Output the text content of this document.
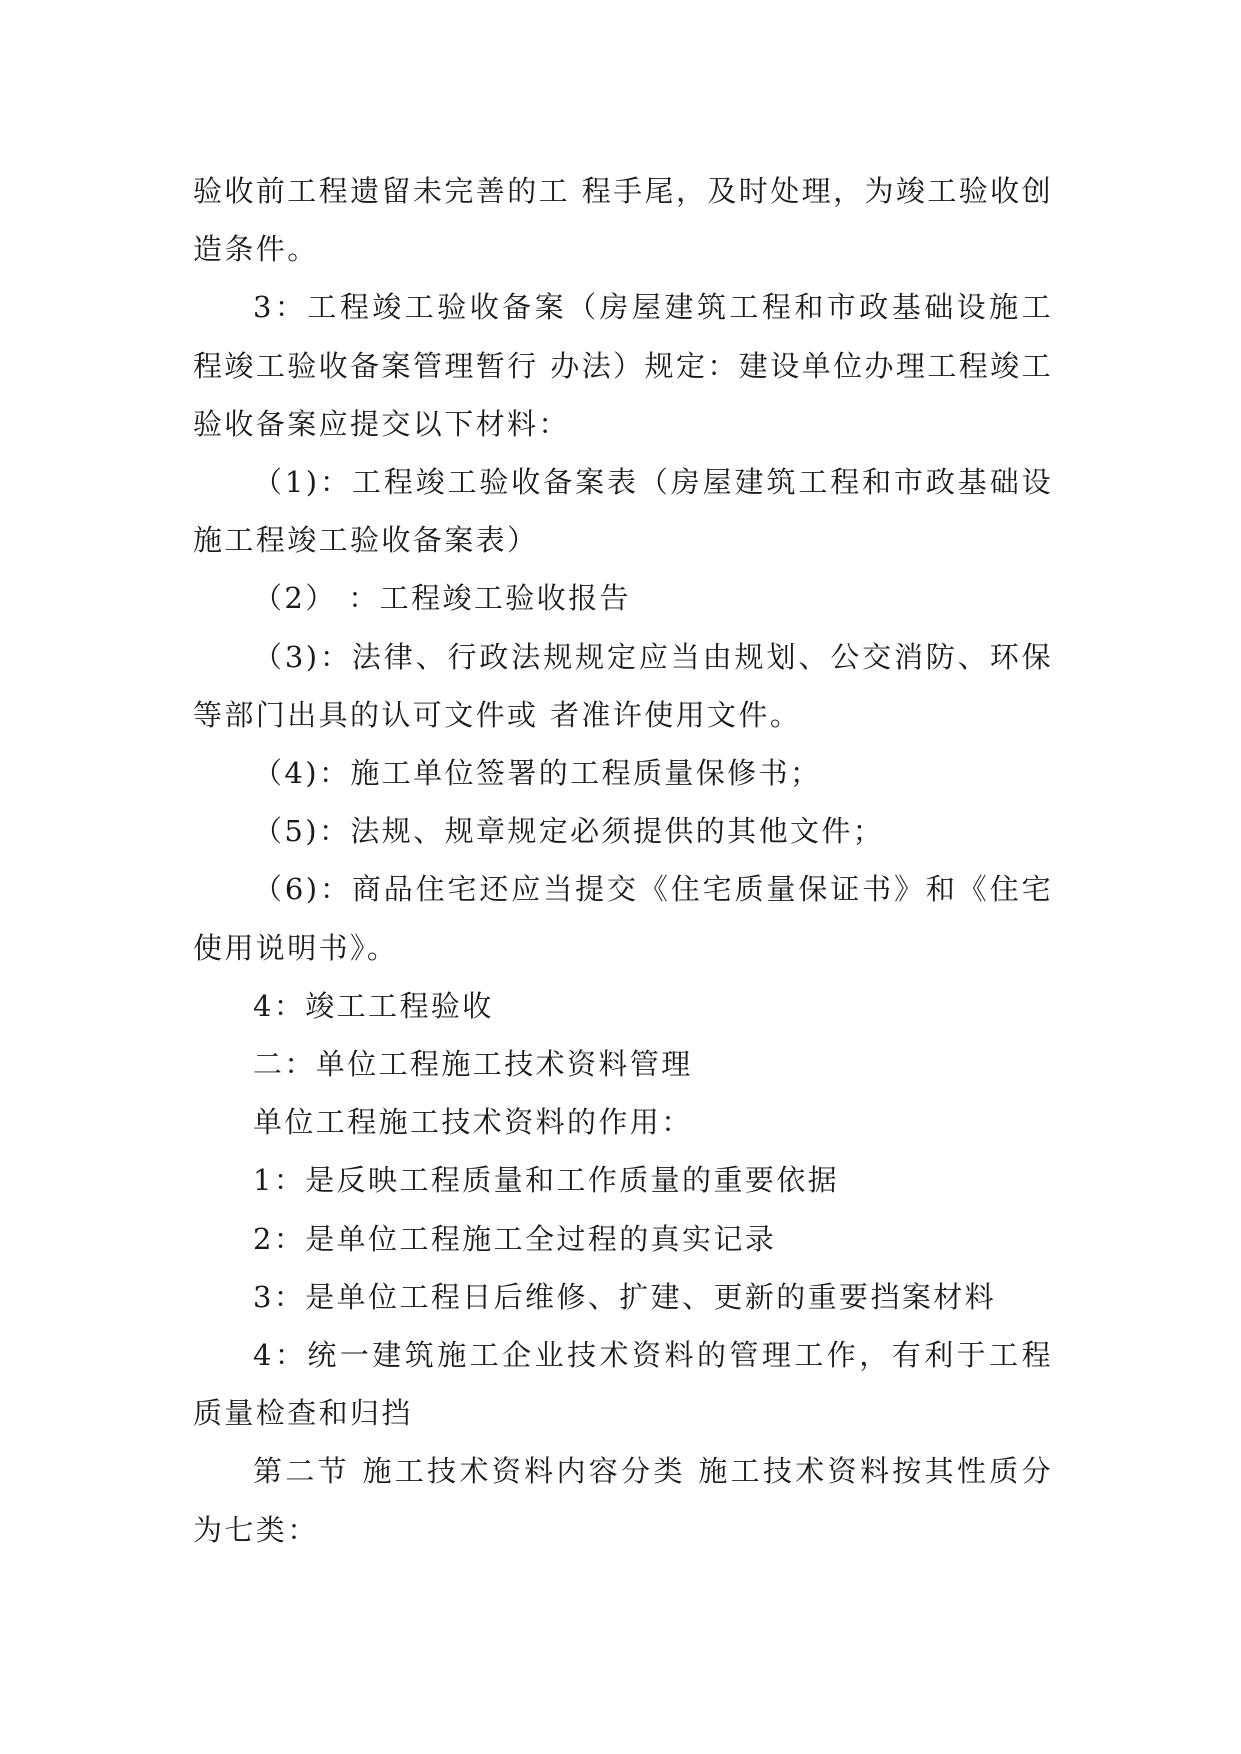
验收前工程遗留未完善的工 程手尾，及时处理，为竣工验收创造条件。

3：工程竣工验收备案（房屋建筑工程和市政基础设施工程竣工验收备案管理暂行 办法）规定：建设单位办理工程竣工验收备案应提交以下材料：

（1)：工程竣工验收备案表（房屋建筑工程和市政基础设施工程竣工验收备案表）

（2） ：工程竣工验收报告

（3)：法律、行政法规规定应当由规划、公交消防、环保等部门出具的认可文件或 者准许使用文件。

（4)：施工单位签署的工程质量保修书；

（5)：法规、规章规定必须提供的其他文件；

（6)：商品住宅还应当提交《住宅质量保证书》和《住宅使用说明书》。

4：竣工工程验收

二：单位工程施工技术资料管理

单位工程施工技术资料的作用：

1：是反映工程质量和工作质量的重要依据

2：是单位工程施工全过程的真实记录

3：是单位工程日后维修、扩建、更新的重要挡案材料

4：统一建筑施工企业技术资料的管理工作，有利于工程质量检查和归挡

第二节 施工技术资料内容分类 施工技术资料按其性质分为七类：
